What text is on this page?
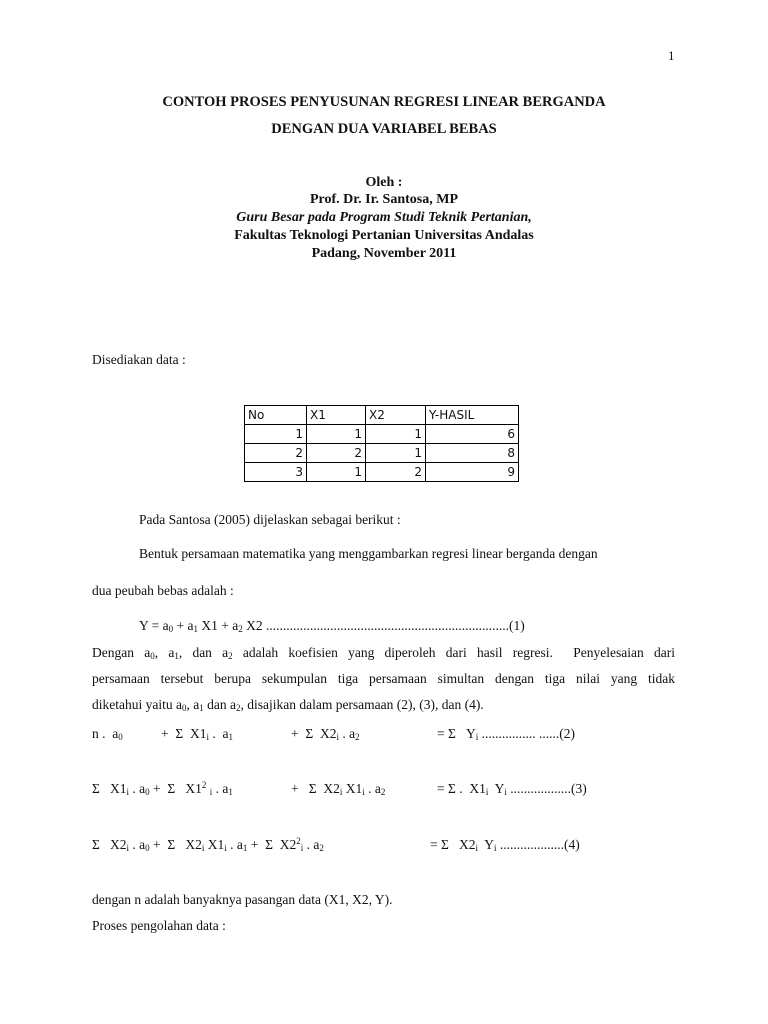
1
CONTOH PROSES PENYUSUNAN REGRESI LINEAR BERGANDA
DENGAN DUA VARIABEL BEBAS
Oleh :
Prof. Dr. Ir. Santosa, MP
Guru Besar pada Program Studi Teknik Pertanian,
Fakultas Teknologi Pertanian Universitas Andalas
Padang, November 2011
Disediakan data :
No	X1	X2	Y-HASIL
1	1	1	6
2	2	1	8
3	1	2	9
Pada Santosa (2005) dijelaskan sebagai berikut :
Bentuk persamaan matematika yang menggambarkan regresi linear berganda dengan
dua peubah bebas adalah :
$Y = a_0 + a_1$ $X1 + a_2$ X2 ........................................................................(1)
Dengan $a_0$, $a_1$, dan $a_2$ adalah koefisien yang diperoleh dari hasil regresi.  Penyelesaian dari
persamaan tersebut berupa sekumpulan tiga persamaan simultan dengan tiga nilai yang tidak
diketahui yaitu $a_0$, $a_1$ dan $a_2$, disajikan dalam persamaan (2), (3), dan (4).
n .  $a_0$	+  Σ  $X1_i$ .  $a_1$	+  Σ  $X2_i$ . $a_2$	= Σ   $Y_i$ ................ ......(2)
Σ   $X1_i$ . $a_0 + \Sigma$   $X1^2$ $_i$ . $a_1$	+   Σ  $X2_i$ $X1_i$ . $a_2$	= Σ .  $X1_i$  $Y_i$ ..................(3)
Σ   $X2_i$ . $a_0 + \Sigma$   $X2_i$ $X1_i$ . $a_1 + \Sigma$  $X2^2_i$ . $a_2$	= Σ   $X2_i$  $Y_i$ ...................(4)
dengan n adalah banyaknya pasangan data (X1, X2, Y).
Proses pengolahan data :
